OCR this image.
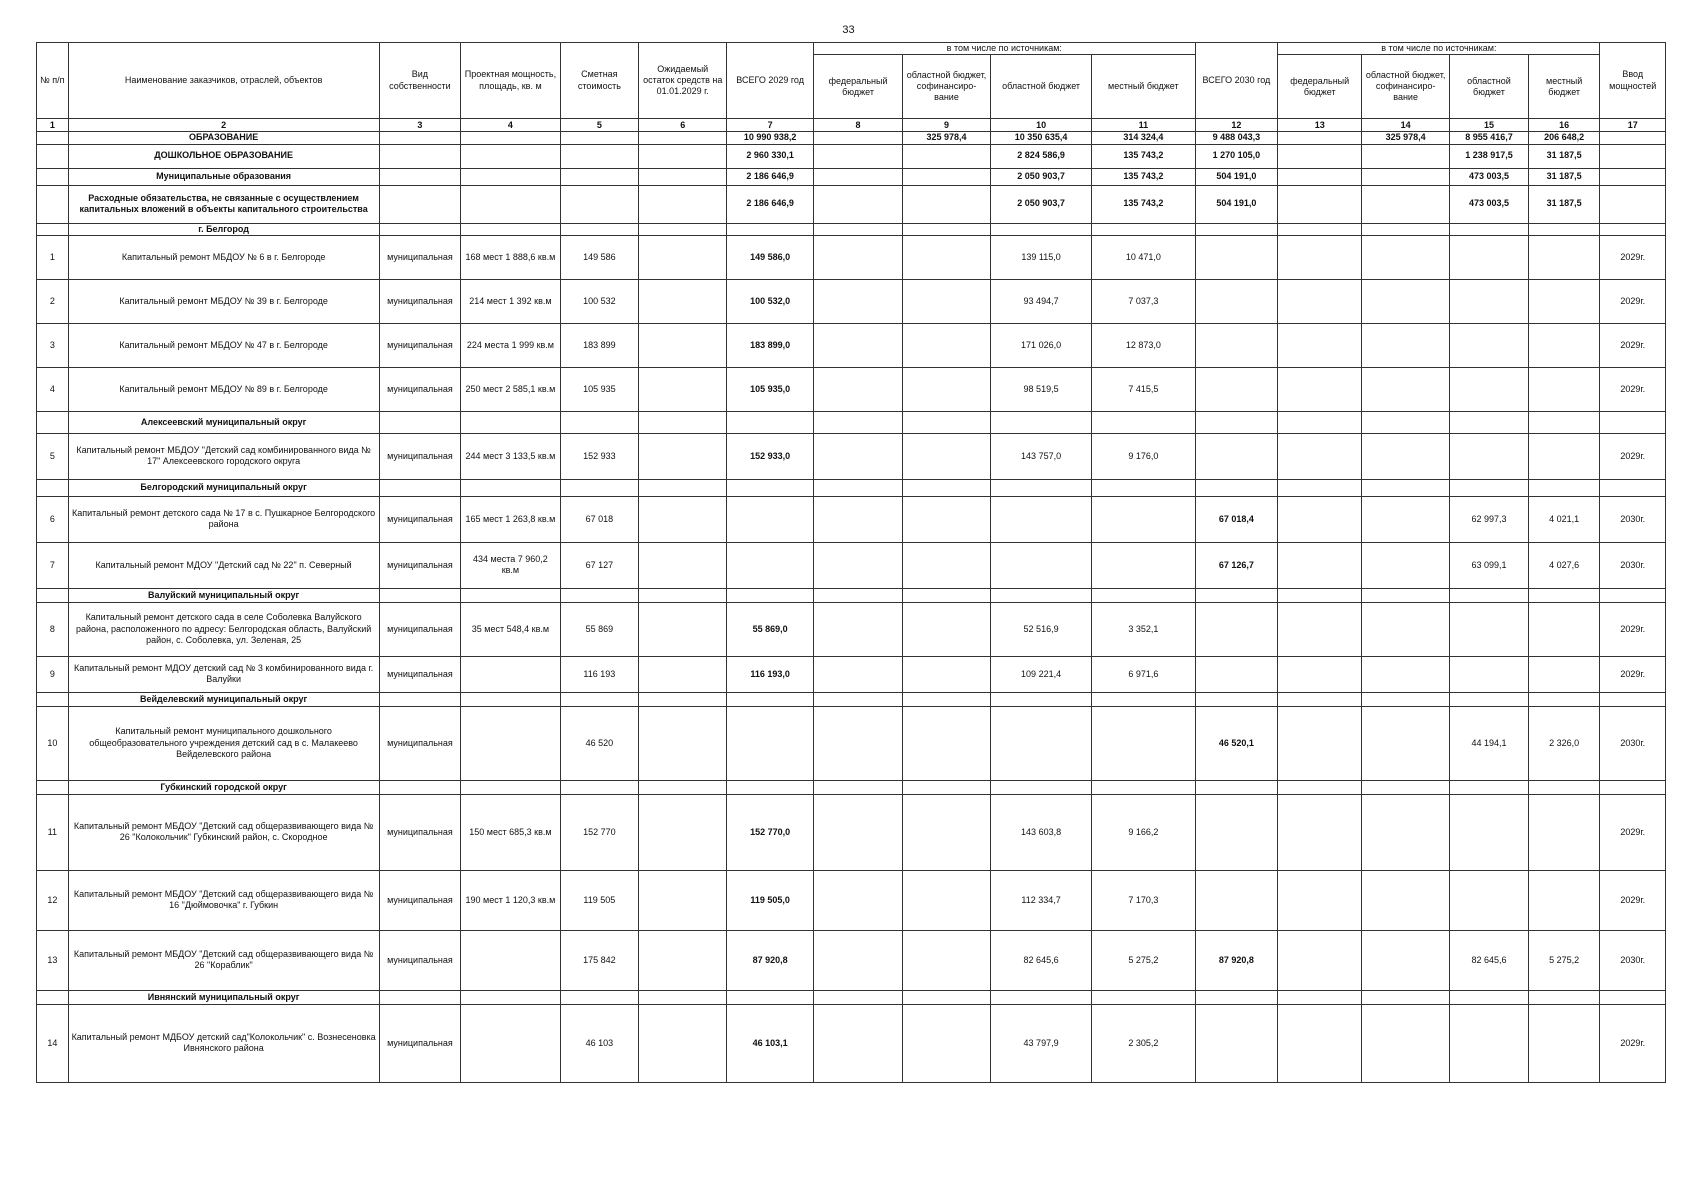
33
№ п/п	Наименование заказчиков, отраслей, объектов	Вид собственности	Проектная мощность, площадь, кв. м	Сметная стоимость	Ожидаемый остаток средств на 01.01.2029 г.	ВСЕГО 2029 год	в том числе по источникам:				ВСЕГО 2030 год	в том числе по источникам:				Ввод мощностей
							федеральный бюджет	областной бюджет, софинансиро-вание	областной бюджет	местный бюджет		федеральный бюджет	областной бюджет, софинансиро-вание	областной бюджет	местный бюджет	
1	2	3	4	5	6	7	8	9	10	11	12	13	14	15	16	17
	ОБРАЗОВАНИЕ					10 990 938,2		325 978,4	10 350 635,4	314 324,4	9 488 043,3		325 978,4	8 955 416,7	206 648,2	
	ДОШКОЛЬНОЕ ОБРАЗОВАНИЕ					2 960 330,1			2 824 586,9	135 743,2	1 270 105,0			1 238 917,5	31 187,5	
	Муниципальные образования					2 186 646,9			2 050 903,7	135 743,2	504 191,0			473 003,5	31 187,5	
	Расходные обязательства, не связанные с осуществлением капитальных вложений в объекты капитального строительства					2 186 646,9			2 050 903,7	135 743,2	504 191,0			473 003,5	31 187,5	
	г. Белгород															
1	Капитальный ремонт МБДОУ № 6 в г. Белгороде	муниципальная	168 мест 1 888,6 кв.м	149 586		149 586,0			139 115,0	10 471,0						2029г.
2	Капитальный ремонт МБДОУ № 39 в г. Белгороде	муниципальная	214 мест 1 392 кв.м	100 532		100 532,0			93 494,7	7 037,3						2029г.
3	Капитальный ремонт МБДОУ № 47 в г. Белгороде	муниципальная	224 места 1 999 кв.м	183 899		183 899,0			171 026,0	12 873,0						2029г.
4	Капитальный ремонт МБДОУ № 89 в г. Белгороде	муниципальная	250 мест 2 585,1 кв.м	105 935		105 935,0			98 519,5	7 415,5						2029г.
	Алексеевский муниципальный округ															
5	Капитальный ремонт МБДОУ "Детский сад комбинированного вида № 17" Алексеевского городского округа	муниципальная	244 мест 3 133,5 кв.м	152 933		152 933,0			143 757,0	9 176,0						2029г.
	Белгородский муниципальный округ															
6	Капитальный ремонт детского сада № 17 в с. Пушкарное Белгородского района	муниципальная	165 мест 1 263,8 кв.м	67 018							67 018,4			62 997,3	4 021,1	2030г.
7	Капитальный ремонт МДОУ "Детский сад № 22" п. Северный	муниципальная	434 места 7 960,2 кв.м	67 127							67 126,7			63 099,1	4 027,6	2030г.
	Валуйский муниципальный округ															
8	Капитальный ремонт детского сада в селе Соболевка Валуйского района, расположенного по адресу: Белгородская область, Валуйский район, с. Соболевка, ул. Зеленая, 25	муниципальная	35 мест 548,4 кв.м	55 869		55 869,0			52 516,9	3 352,1						2029г.
9	Капитальный ремонт МДОУ детский сад № 3 комбинированного вида г. Валуйки	муниципальная		116 193		116 193,0			109 221,4	6 971,6						2029г.
	Вейделевский муниципальный округ															
10	Капитальный ремонт муниципального дошкольного общеобразовательного учреждения детский сад в с. Малакеево Вейделевского района	муниципальная		46 520							46 520,1			44 194,1	2 326,0	2030г.
	Губкинский городской округ															
11	Капитальный ремонт МБДОУ "Детский сад общеразвивающего вида № 26 "Колокольчик" Губкинский район, с. Скородное	муниципальная	150 мест 685,3 кв.м	152 770		152 770,0			143 603,8	9 166,2						2029г.
12	Капитальный ремонт МБДОУ "Детский сад общеразвивающего вида № 16 "Дюймовочка" г. Губкин	муниципальная	190 мест 1 120,3 кв.м	119 505		119 505,0			112 334,7	7 170,3						2029г.
13	Капитальный ремонт МБДОУ "Детский сад общеразвивающего вида № 26 "Кораблик"	муниципальная		175 842		87 920,8			82 645,6	5 275,2	87 920,8			82 645,6	5 275,2	2030г.
	Ивнянский муниципальный округ															
14	Капитальный ремонт МДБОУ детский сад"Колокольчик" с. Вознесеновка Ивнянского района	муниципальная		46 103		46 103,1			43 797,9	2 305,2						2029г.
